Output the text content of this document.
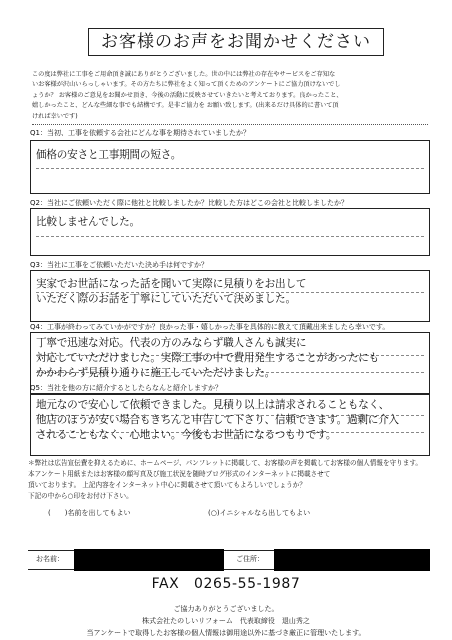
お客様のお声をお聞かせください
この度は弊社に工事をご用命頂き誠にありがとうございました。世の中には弊社の存在やサービスをご存知な
いお客様が沢山いらっしゃいます。その方たちに弊社をよく知って頂くためのアンケートにご協力頂けないでし
ょうか？ お客様のご意見をお聞かせ頂き、今後の活動に反映させていきたいと考えております。良かったこと、
嬉しかったこと、どんな些細な事でも結構です。是非ご協力を お願い致します。(出来るだけ具体的に書いて頂
ければ幸いです)
Q1：当初、工事を依頼する会社にどんな事を期待されていましたか？
価格の安さと工事期間の短さ。
Q2：当社にご依頼いただく際に他社と比較しましたか？比較した方はどこの会社と比較しましたか？
比較しませんでした。
Q3：当社に工事をご依頼いただいた決め手は何ですか？
実家でお世話になった話を聞いて実際に見積りをお出して
いただく際のお話を丁寧にしていただいて決めました。
Q4：工事が終わってみていかがですか？良かった事・嬉しかった事を具体的に教えて頂戴出来ましたら幸いです。
丁寧で迅速な対応。代表の方のみならず職人さんも誠実に
対応していただけました。実際工事の中で費用発生することがあったにも
かかわらず見積り通りに施工していただけました。
Q5：当社を他の方に紹介するとしたらなんと紹介しますか？
地元なので安心して依頼できました。見積り以上は請求されることもなく、
他店のほうが安い場合もきちんと申告して下さり、信頼できます。過剰に介入
されることもなく、心地よい。今後もお世話になるつもりです。
＊弊社は広告宣伝費を抑えるために、ホームページ、パンフレットに掲載して、お客様の声を掲載してお客様の個人情報を守ります。
本アンケート用紙またはお客様の顔写真及び施工状況を随時ブログ形式のインターネットに掲載させて
頂いております。 上記内容をインターネット中心に掲載させて頂いてもよろしいでしょうか？
下記の中から○印をお付け下さい。
(　　)名前を出してもよい	(○)イニシャルなら出してもよい
お名前：	ご住所：
FAX　0265-55-1987
ご協力ありがとうございました。
株式会社たのしいリフォーム　代表取締役　退山秀之
当アンケートで取得したお客様の個人情報は御用途以外に基づき厳正に管理いたします。
